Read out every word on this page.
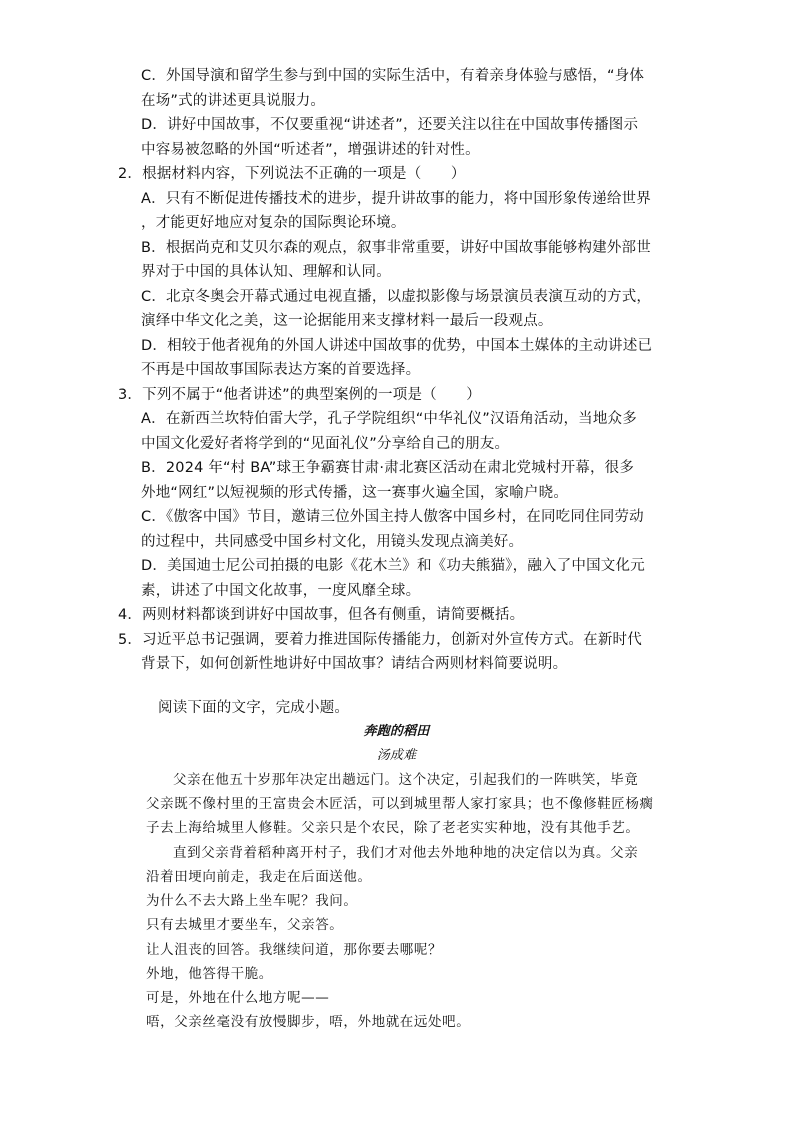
C．外国导演和留学生参与到中国的实际生活中，有着亲身体验与感悟，“身体
在场”式的讲述更具说服力。
D．讲好中国故事，不仅要重视“讲述者”，还要关注以往在中国故事传播图示
中容易被忽略的外国“听述者”，增强讲述的针对性。
2．根据材料内容，下列说法不正确的一项是（　　）
A．只有不断促进传播技术的进步，提升讲故事的能力，将中国形象传递给世界
，才能更好地应对复杂的国际舆论环境。
B．根据尚克和艾贝尔森的观点，叙事非常重要，讲好中国故事能够构建外部世
界对于中国的具体认知、理解和认同。
C．北京冬奥会开幕式通过电视直播，以虚拟影像与场景演员表演互动的方式，
演绎中华文化之美，这一论据能用来支撑材料一最后一段观点。
D．相较于他者视角的外国人讲述中国故事的优势，中国本土媒体的主动讲述已
不再是中国故事国际表达方案的首要选择。
3．下列不属于“他者讲述”的典型案例的一项是（　　）
A．在新西兰坎特伯雷大学，孔子学院组织“中华礼仪”汉语角活动，当地众多
中国文化爱好者将学到的“见面礼仪”分享给自己的朋友。
B．2024 年“村 BA”球王争霸赛甘肃·肃北赛区活动在肃北党城村开幕，很多
外地“网红”以短视频的形式传播，这一赛事火遍全国，家喻户晓。
C．《傲客中国》节目，邀请三位外国主持人傲客中国乡村，在同吃同住同劳动
的过程中，共同感受中国乡村文化，用镜头发现点滴美好。
D．美国迪士尼公司拍摄的电影《花木兰》和《功夫熊猫》，融入了中国文化元
素，讲述了中国文化故事，一度风靡全球。
4．两则材料都谈到讲好中国故事，但各有侧重，请简要概括。
5．习近平总书记强调，要着力推进国际传播能力，创新对外宣传方式。在新时代
背景下，如何创新性地讲好中国故事？请结合两则材料简要说明。
阅读下面的文字，完成小题。
奔跑的稻田
汤成难
父亲在他五十岁那年决定出趟远门。这个决定，引起我们的一阵哄笑，毕竟
父亲既不像村里的王富贵会木匠活，可以到城里帮人家打家具；也不像修鞋匠杨瘸
子去上海给城里人修鞋。父亲只是个农民，除了老老实实种地，没有其他手艺。
直到父亲背着稻种离开村子，我们才对他去外地种地的决定信以为真。父亲
沿着田埂向前走，我走在后面送他。
为什么不去大路上坐车呢？我问。
只有去城里才要坐车，父亲答。
让人沮丧的回答。我继续问道，那你要去哪呢？
外地，他答得干脆。
可是，外地在什么地方呢——
唔，父亲丝毫没有放慢脚步，唔，外地就在远处吧。
